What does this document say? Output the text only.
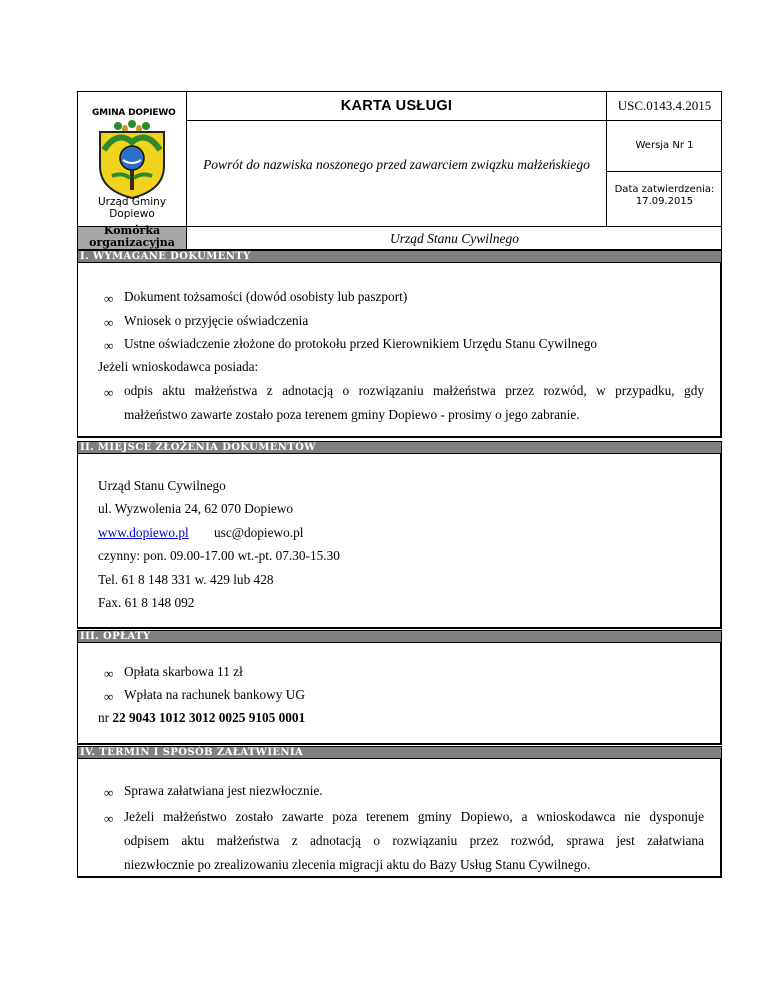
GMINA DOPIEWO
Urząd Gminy Dopiewo
KARTA USŁUGI	USC.0143.4.2015
Powrót do nazwiska noszonego przed zawarciem związku małżeńskiego
Wersja Nr 1
Data zatwierdzenia:
17.09.2015
Komórka organizacyjna	Urząd Stanu Cywilnego
I. WYMAGANE DOKUMENTY
∞ Dokument tożsamości (dowód osobisty lub paszport)
∞ Wniosek o przyjęcie oświadczenia
∞ Ustne oświadczenie złożone do protokołu przed Kierownikiem Urzędu Stanu Cywilnego
Jeżeli wnioskodawca posiada:
∞ odpis aktu małżeństwa z adnotacją o rozwiązaniu małżeństwa przez rozwód, w przypadku, gdy
małżeństwo zawarte zostało poza terenem gminy Dopiewo - prosimy o jego zabranie.
II. MIEJSCE ZŁOŻENIA DOKUMENTÓW
Urząd Stanu Cywilnego
ul. Wyzwolenia 24, 62 070 Dopiewo
www.dopiewo.pl usc@dopiewo.pl
czynny: pon. 09.00-17.00 wt.-pt. 07.30-15.30
Tel. 61 8 148 331 w. 429 lub 428
Fax. 61 8 148 092
III. OPŁATY
∞ Opłata skarbowa 11 zł
∞ Wpłata na rachunek bankowy UG
nr 22 9043 1012 3012 0025 9105 0001
IV. TERMIN I SPOSÓB ZAŁATWIENIA
∞ Sprawa załatwiana jest niezwłocznie.
∞ Jeżeli małżeństwo zostało zawarte poza terenem gminy Dopiewo, a wnioskodawca nie dysponuje
odpisem aktu małżeństwa z adnotacją o rozwiązaniu przez rozwód, sprawa jest załatwiana
niezwłocznie po zrealizowaniu zlecenia migracji aktu do Bazy Usług Stanu Cywilnego.
